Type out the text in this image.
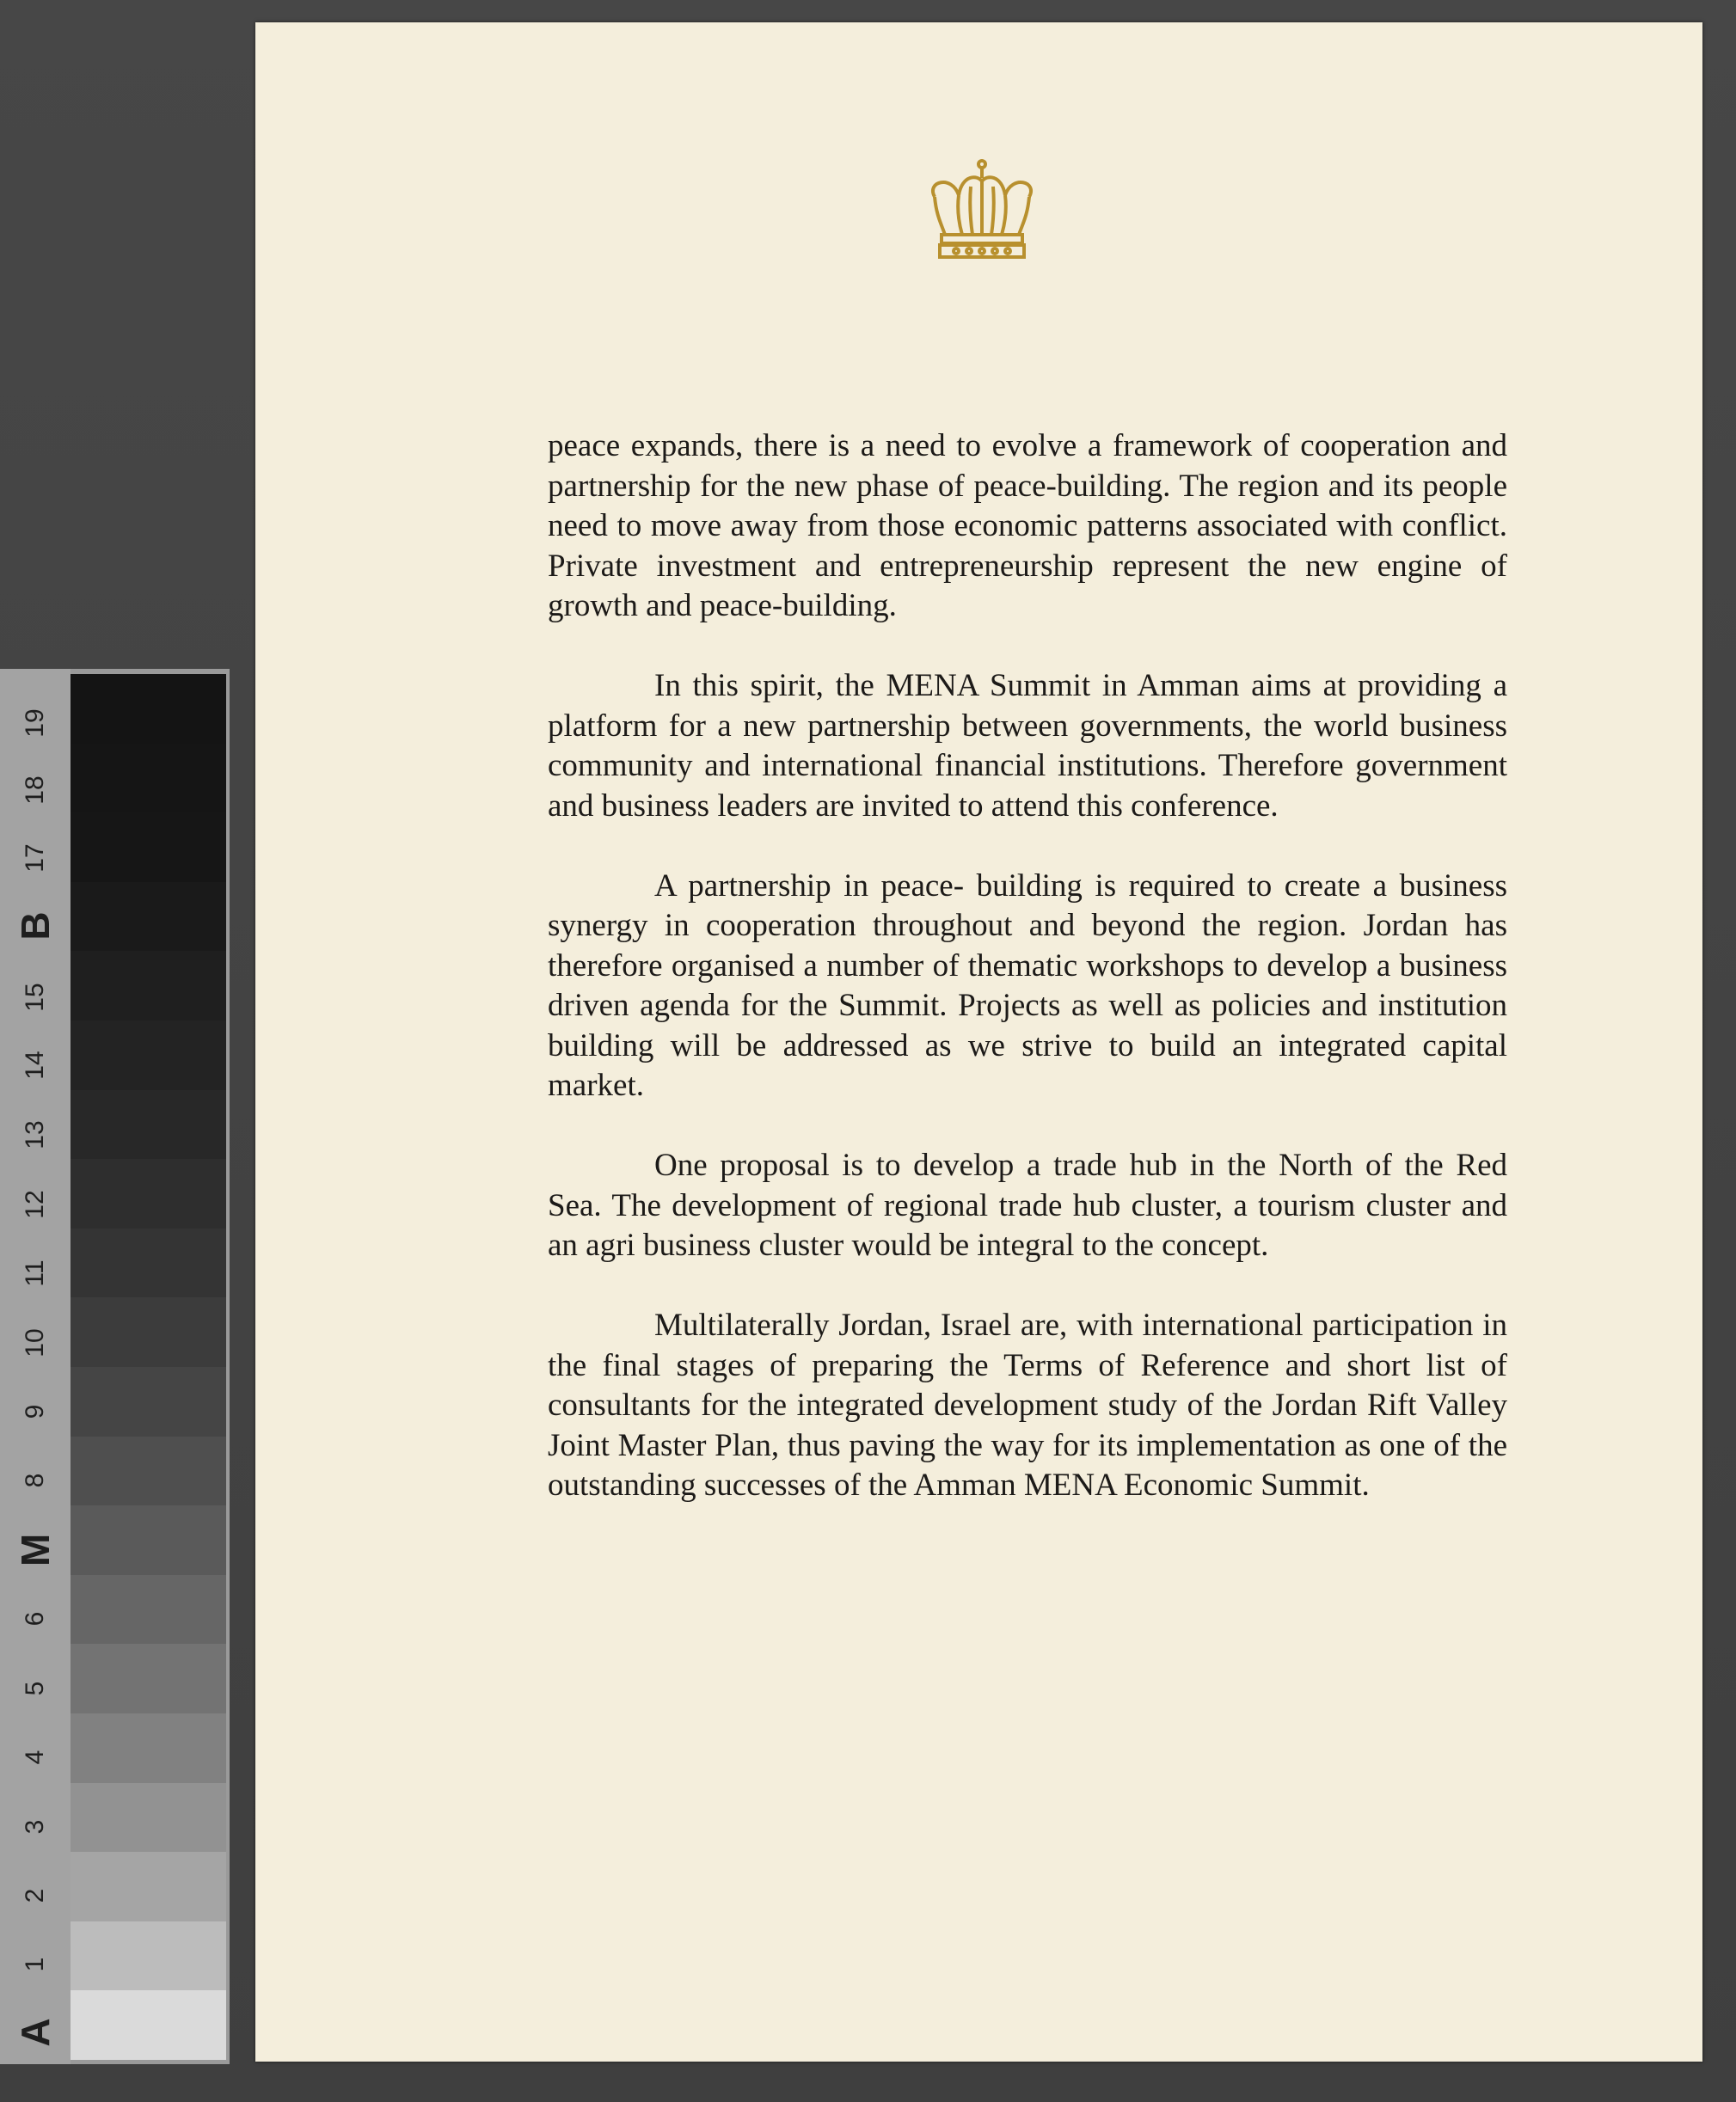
19
18
17
B
15
14
13
12
11
10
9
8
M
6
5
4
3
2
1
A

peace expands, there is a need to evolve a framework of cooperation and partnership for the new phase of peace-building. The region and its people need to move away from those economic patterns associated with conflict. Private investment and entrepreneurship represent the new engine of growth and peace-building.

In this spirit, the MENA Summit in Amman aims at providing a platform for a new partnership between governments, the world business community and international financial institutions. Therefore government and business leaders are invited to attend this conference.

A partnership in peace- building is required to create a business synergy in cooperation throughout and beyond the region. Jordan has therefore organised a number of thematic workshops to develop a business driven agenda for the Summit. Projects as well as policies and institution building will be addressed as we strive to build an integrated capital market.

One proposal is to develop a trade hub in the North of the Red Sea. The development of regional trade hub cluster, a tourism cluster and an agri business cluster would be integral to the concept.

Multilaterally Jordan, Israel are, with international participation in the final stages of preparing the Terms of Reference and short list of consultants for the integrated development study of the Jordan Rift Valley Joint Master Plan, thus paving the way for its implementation as one of the outstanding successes of the Amman MENA Economic Summit.
